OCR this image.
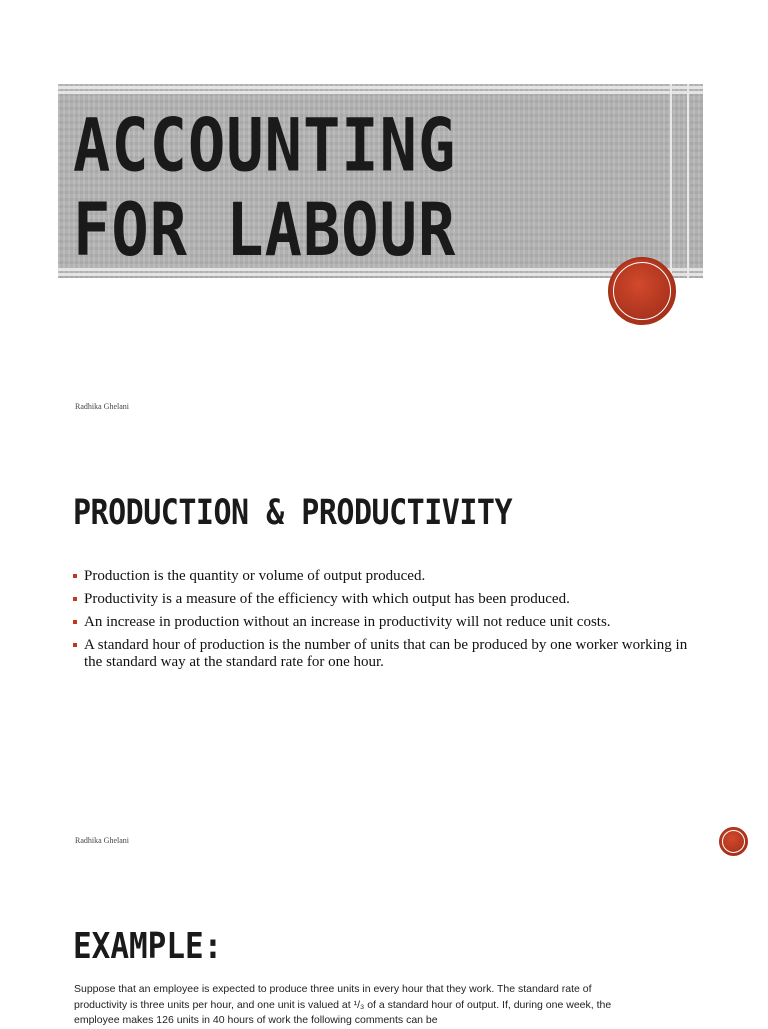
ACCOUNTING FOR LABOUR
Radhika Ghelani
PRODUCTION & PRODUCTIVITY
Production is the quantity or volume of output produced.
Productivity is a measure of the efficiency with which output has been produced.
An increase in production without an increase in productivity will not reduce unit costs.
A standard hour of production is the number of units that can be produced by one worker working in the standard way at the standard rate for one hour.
Radhika Ghelani
EXAMPLE:

Suppose that an employee is expected to produce three units in every hour that they work. The standard rate of productivity is three units per hour, and one unit is valued at ¹/₃ of a standard hour of output. If, during one week, the employee makes 126 units in 40 hours of work the following comments can be
